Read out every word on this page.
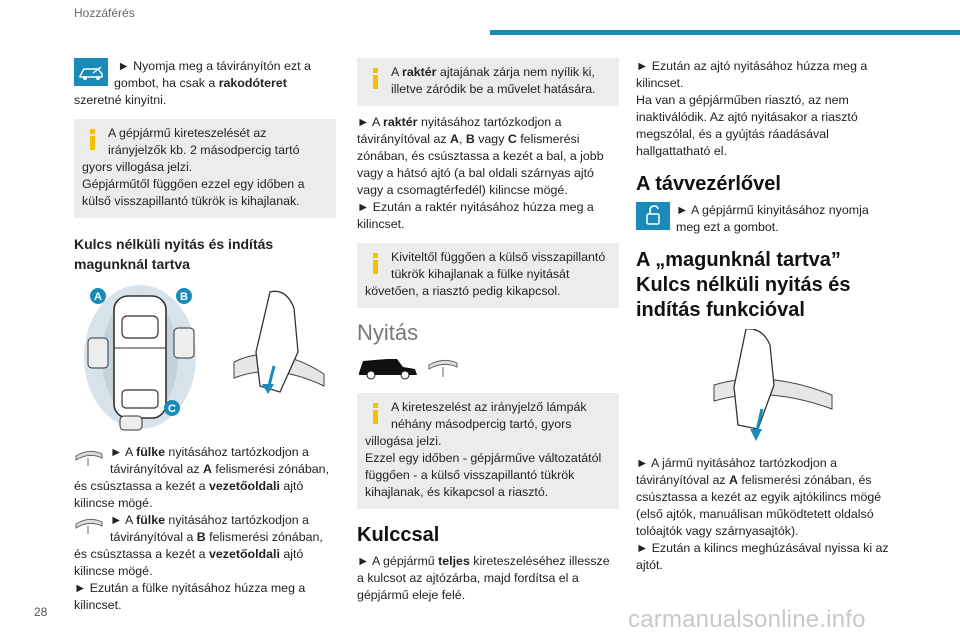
Hozzáférés

► Nyomja meg a távirányítón ezt a gombot, ha csak a rakodóteret szeretné kinyitni.

A gépjármű kireteszelését az irányjelzők kb. 2 másodpercig tartó gyors villogása jelzi.

Gépjárműtől függően ezzel egy időben a külső visszapillantó tükrök is kihajlanak.

Kulcs nélküli nyitás és indítás magunknál tartva
A	B
C

► A fülke nyitásához tartózkodjon a távirányítóval az A felismerési zónában, és csúsztassa a kezét a vezetőoldali ajtó kilincse mögé.

► A fülke nyitásához tartózkodjon a távirányítóval a B felismerési zónában, és csúsztassa a kezét a vezetőoldali ajtó kilincse mögé.

► Ezután a fülke nyitásához húzza meg a kilincset.

A raktér ajtajának zárja nem nyílik ki, illetve záródik be a művelet hatására.

► A raktér nyitásához tartózkodjon a távirányítóval az A, B vagy C felismerési zónában, és csúsztassa a kezét a bal, a jobb vagy a hátsó ajtó (a bal oldali szárnyas ajtó vagy a csomagtérfedél) kilincse mögé.

► Ezután a raktér nyitásához húzza meg a kilincset.

Kiviteltől függően a külső visszapillantó tükrök kihajlanak a fülke nyitását követően, a riasztó pedig kikapcsol.

Nyitás

A kireteszelést az irányjelző lámpák néhány másodpercig tartó, gyors villogása jelzi.

Ezzel egy időben - gépjárműve változatától függően - a külső visszapillantó tükrök kihajlanak, és kikapcsol a riasztó.

Kulccsal

► A gépjármű teljes kireteszeléséhez illessze a kulcsot az ajtózárba, majd fordítsa el a gépjármű eleje felé.

► Ezután az ajtó nyitásához húzza meg a kilincset.

Ha van a gépjárműben riasztó, az nem inaktiválódik. Az ajtó nyitásakor a riasztó megszólal, és a gyújtás ráadásával hallgattatható el.

A távvezérlővel

► A gépjármű kinyitásához nyomja meg ezt a gombot.

A „magunknál tartva” Kulcs nélküli nyitás és indítás funkcióval

► A jármű nyitásához tartózkodjon a távirányítóval az A felismerési zónában, és csúsztassa a kezét az egyik ajtókilincs mögé (első ajtók, manuálisan működtetett oldalsó tolóajtók vagy szárnyasajtók).

► Ezután a kilincs meghúzásával nyissa ki az ajtót.

28	carmanualsonline.info
